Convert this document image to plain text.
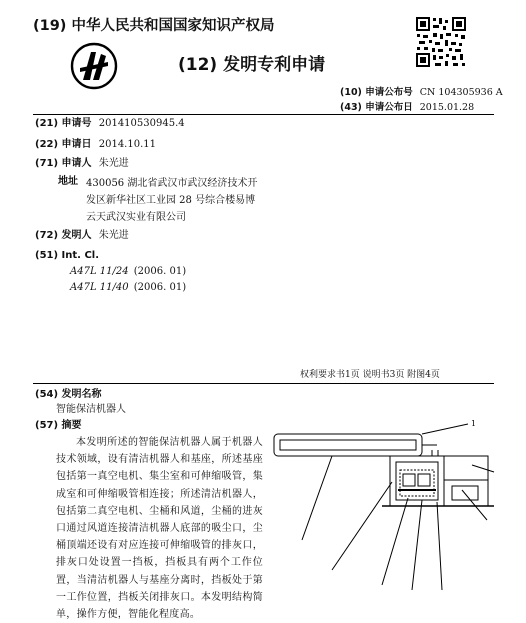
(19) 中华人民共和国国家知识产权局
(12) 发明专利申请
(10) 申请公布号 CN 104305936 A
(43) 申请公布日 2015.01.28
(21) 申请号 201410530945.4
(22) 申请日 2014.10.11
(71) 申请人 朱光进
地址 430056 湖北省武汉市武汉经济技术开
发区新华社区工业园 28 号综合楼易博
云天武汉实业有限公司
(72) 发明人 朱光进
(51) Int. Cl.
A47L 11/24 (2006. 01)
A47L 11/40 (2006. 01)
权利要求书1页 说明书3页 附图4页
(54) 发明名称
智能保洁机器人
(57) 摘要
本发明所述的智能保洁机器人属于机器人技术领域，设有清洁机器人和基座，所述基座包括第一真空电机、集尘室和可伸缩吸管，集成室和可伸缩吸管相连接；所述清洁机器人，包括第二真空电机、尘桶和风道，尘桶的进灰口通过风道连接清洁机器人底部的吸尘口，尘桶顶端还设有对应连接可伸缩吸管的排灰口，排灰口处设置一挡板，挡板具有两个工作位置，当清洁机器人与基座分离时，挡板处于第一工作位置，挡板关闭排灰口。本发明结构简单，操作方便，智能化程度高。
1
